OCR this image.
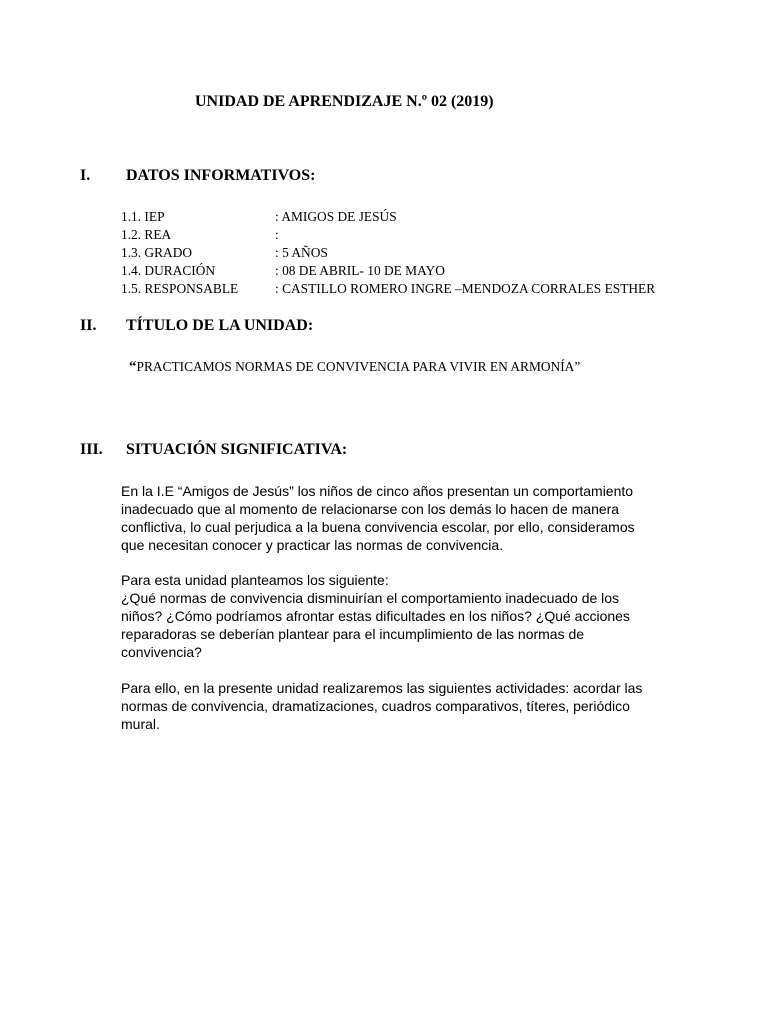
UNIDAD DE APRENDIZAJE N.º 02 (2019)
I. DATOS INFORMATIVOS:
1.1. IEP	: AMIGOS DE JESÚS
1.2. REA	:
1.3. GRADO	: 5 AÑOS
1.4. DURACIÓN	: 08 DE ABRIL- 10 DE MAYO
1.5. RESPONSABLE	: CASTILLO ROMERO INGRE –MENDOZA CORRALES ESTHER
II. TÍTULO DE LA UNIDAD:
“PRACTICAMOS NORMAS DE CONVIVENCIA PARA VIVIR EN ARMONÍA”
III. SITUACIÓN SIGNIFICATIVA:

En la I.E “Amigos de Jesús” los niños de cinco años presentan un comportamiento
inadecuado que al momento de relacionarse con los demás lo hacen de manera
conflictiva, lo cual perjudica a la buena convivencia escolar, por ello, consideramos
que necesitan conocer y practicar las normas de convivencia.

Para esta unidad planteamos los siguiente:
¿Qué normas de convivencia disminuirían el comportamiento inadecuado de los
niños? ¿Cómo podríamos afrontar estas dificultades en los niños? ¿Qué acciones
reparadoras se deberían plantear para el incumplimiento de las normas de
convivencia?

Para ello, en la presente unidad realizaremos las siguientes actividades: acordar las
normas de convivencia, dramatizaciones, cuadros comparativos, títeres, periódico
mural.
